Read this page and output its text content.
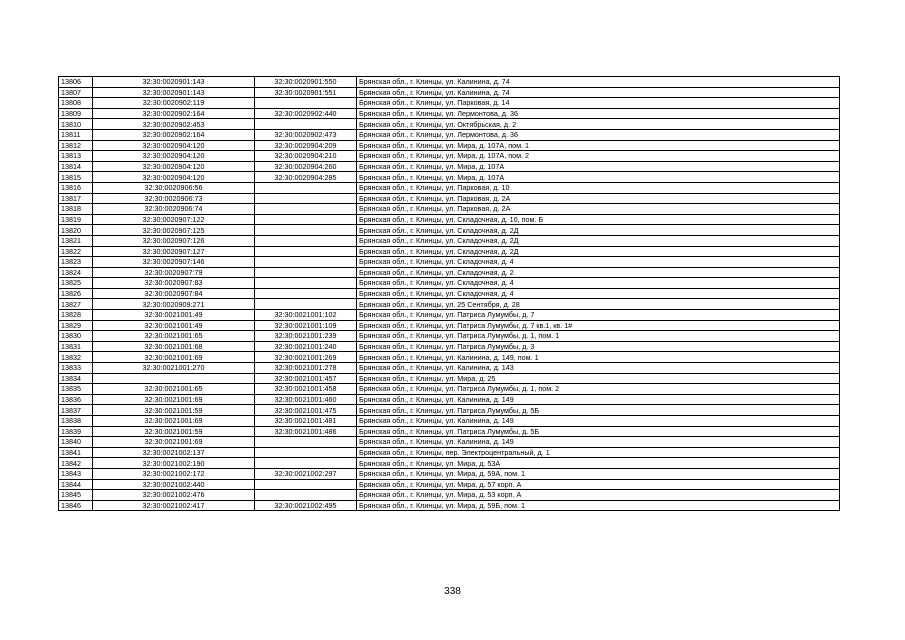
13806	32:30:0020901:143	32:30:0020901:550	Брянская обл., г. Клинцы, ул. Калинина, д. 74
13807	32:30:0020901:143	32:30:0020901:551	Брянская обл., г. Клинцы, ул. Калинина, д. 74
13808	32:30:0020902:119		Брянская обл., г. Клинцы, ул. Парковая, д. 14
13809	32:30:0020902:164	32:30:0020902:440	Брянская обл., г. Клинцы, ул. Лермонтова, д. 36
13810	32:30:0020902:453		Брянская обл., г. Клинцы, ул. Октябрьская, д. 2
13811	32:30:0020902:164	32:30:0020902:473	Брянская обл., г. Клинцы, ул. Лермонтова, д. 36
13812	32:30:0020904:120	32:30:0020904:209	Брянская обл., г. Клинцы, ул. Мира, д. 107А, пом. 1
13813	32:30:0020904:120	32:30:0020904:210	Брянская обл., г. Клинцы, ул. Мира, д. 107А, пом. 2
13814	32:30:0020904:120	32:30:0020904:260	Брянская обл., г. Клинцы, ул. Мира, д. 107А
13815	32:30:0020904:120	32:30:0020904:285	Брянская обл., г. Клинцы, ул. Мира, д. 107А
13816	32:30:0020906:56		Брянская обл., г. Клинцы, ул. Парковая, д. 10
13817	32:30:0020906:73		Брянская обл., г. Клинцы, ул. Парковая, д. 2А
13818	32:30:0020906:74		Брянская обл., г. Клинцы, ул. Парковая, д. 2А
13819	32:30:0020907:122		Брянская обл., г. Клинцы, ул. Складочная, д. 10, пом. Б
13820	32:30:0020907:125		Брянская обл., г. Клинцы, ул. Складочная, д. 2Д
13821	32:30:0020907:126		Брянская обл., г. Клинцы, ул. Складочная, д. 2Д
13822	32:30:0020907:127		Брянская обл., г. Клинцы, ул. Складочная, д. 2Д
13823	32:30:0020907:146		Брянская обл., г. Клинцы, ул. Складочная, д. 4
13824	32:30:0020907:79		Брянская обл., г. Клинцы, ул. Складочная, д. 2
13825	32:30:0020907:83		Брянская обл., г. Клинцы, ул. Складочная, д. 4
13826	32:30:0020907:84		Брянская обл., г. Клинцы, ул. Складочная, д. 4
13827	32:30:0020909:271		Брянская обл., г. Клинцы, ул. 25 Сентября, д. 28
13828	32:30:0021001:49	32:30:0021001:102	Брянская обл., г. Клинцы, ул. Патриса Лумумбы, д. 7
13829	32:30:0021001:49	32:30:0021001:109	Брянская обл., г. Клинцы, ул. Патриса Лумумбы, д. 7 кв.1, кв. 1#
13830	32:30:0021001:65	32:30:0021001:239	Брянская обл., г. Клинцы, ул. Патриса Лумумбы, д. 1, пом. 1
13831	32:30:0021001:68	32:30:0021001:240	Брянская обл., г. Клинцы, ул. Патриса Лумумбы, д. 3
13832	32:30:0021001:69	32:30:0021001:269	Брянская обл., г. Клинцы, ул. Калинина, д. 149, пом. 1
13833	32:30:0021001:270	32:30:0021001:278	Брянская обл., г. Клинцы, ул. Калинина, д. 143
13834		32:30:0021001:457	Брянская обл., г. Клинцы, ул. Мира, д. 25
13835	32:30:0021001:65	32:30:0021001:458	Брянская обл., г. Клинцы, ул. Патриса Лумумбы, д. 1, пом. 2
13836	32:30:0021001:69	32:30:0021001:460	Брянская обл., г. Клинцы, ул. Калинина, д. 149
13837	32:30:0021001:59	32:30:0021001:475	Брянская обл., г. Клинцы, ул. Патриса Лумумбы, д. 5Б
13838	32:30:0021001:69	32:30:0021001:481	Брянская обл., г. Клинцы, ул. Калинина, д. 149
13839	32:30:0021001:59	32:30:0021001:486	Брянская обл., г. Клинцы, ул. Патриса Лумумбы, д. 5Б
13840	32:30:0021001:69		Брянская обл., г. Клинцы, ул. Калинина, д. 149
13841	32:30:0021002:137		Брянская обл., г. Клинцы, пер. Электроцентральный, д. 1
13842	32:30:0021002:190		Брянская обл., г. Клинцы, ул. Мира, д. 53А
13843	32:30:0021002:172	32:30:0021002:297	Брянская обл., г. Клинцы, ул. Мира, д. 59А, пом. 1
13844	32:30:0021002:440		Брянская обл., г. Клинцы, ул. Мира, д. 57 корп. А
13845	32:30:0021002:476		Брянская обл., г. Клинцы, ул. Мира, д. 53 корп. А
13846	32:30:0021002:417	32:30:0021002:495	Брянская обл., г. Клинцы, ул. Мира, д. 59Б, пом. 1
338
